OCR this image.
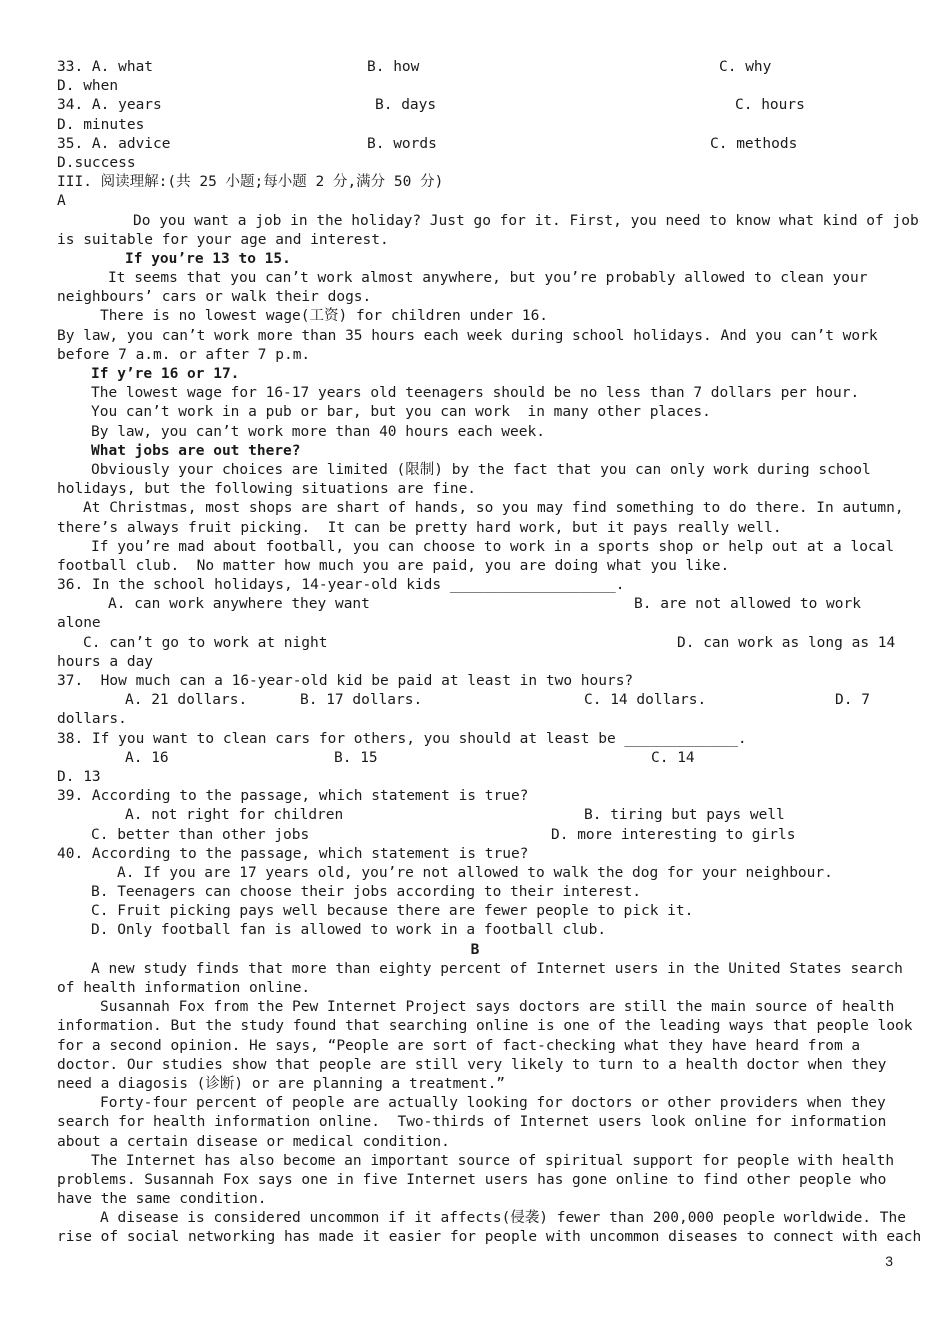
33. A. what

	B. how

	C. why

D. when

34. A. years

	B. days

	C. hours

D. minutes

35. A. advice

	B. words

	C. methods

D.success
III. 阅读理解:(共 25 小题;每小题 2 分,满分 50 分)
A
Do you want a job in the holiday? Just go for it. First, you need to know what kind of job
is suitable for your age and interest.
If you’re 13 to 15.
It seems that you can’t work almost anywhere, but you’re probably allowed to clean your
neighbours’ cars or walk their dogs.
There is no lowest wage(工资) for children under 16.
By law, you can’t work more than 35 hours each week during school holidays. And you can’t work
before 7 a.m. or after 7 p.m.
If y’re 16 or 17.
The lowest wage for 16-17 years old teenagers should be no less than 7 dollars per hour.
You can’t work in a pub or bar, but you can work  in many other places.
By law, you can’t work more than 40 hours each week.
What jobs are out there?
Obviously your choices are limited (限制) by the fact that you can only work during school
holidays, but the following situations are fine.
At Christmas, most shops are shart of hands, so you may find something to do there. In autumn,
there’s always fruit picking.  It can be pretty hard work, but it pays really well.
If you’re mad about football, you can choose to work in a sports shop or help out at a local
football club.  No matter how much you are paid, you are doing what you like.
36. In the school holidays, 14-year-old kids ___________________.

A. can work anywhere they want

	B. are not allowed to work

alone

C. can’t go to work at night

	D. can work as long as 14

hours a day
37.  How much can a 16-year-old kid be paid at least in two hours?

A. 21 dollars.

	B. 17 dollars.

	C. 14 dollars.

	D. 7

dollars.
38. If you want to clean cars for others, you should at least be _____________.

A. 16

	B. 15

	C. 14

D. 13
39. According to the passage, which statement is true?

A. not right for children

	B. tiring but pays well

C. better than other jobs

	D. more interesting to girls

40. According to the passage, which statement is true?
A. If you are 17 years old, you’re not allowed to walk the dog for your neighbour.
B. Teenagers can choose their jobs according to their interest.
C. Fruit picking pays well because there are fewer people to pick it.
D. Only football fan is allowed to work in a football club.
B
A new study finds that more than eighty percent of Internet users in the United States search
of health information online.
Susannah Fox from the Pew Internet Project says doctors are still the main source of health
information. But the study found that searching online is one of the leading ways that people look
for a second opinion. He says, “People are sort of fact-checking what they have heard from a
doctor. Our studies show that people are still very likely to turn to a health doctor when they
need a diagosis (诊断) or are planning a treatment.”
Forty-four percent of people are actually looking for doctors or other providers when they
search for health information online.  Two-thirds of Internet users look online for information
about a certain disease or medical condition.
The Internet has also become an important source of spiritual support for people with health
problems. Susannah Fox says one in five Internet users has gone online to find other people who
have the same condition.
A disease is considered uncommon if it affects(侵袭) fewer than 200,000 people worldwide. The
rise of social networking has made it easier for people with uncommon diseases to connect with each
3
